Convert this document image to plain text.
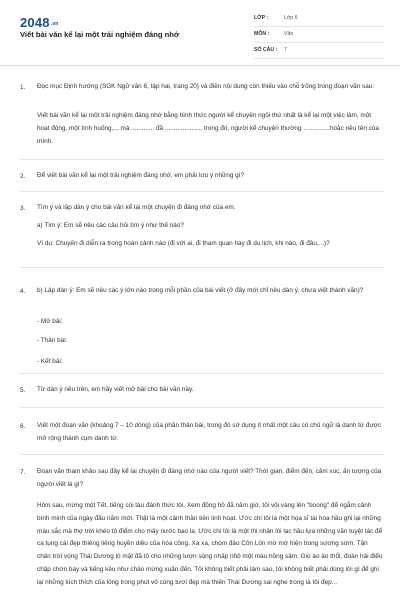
2048.vn
Viết bài văn kể lại một trải nghiệm đáng nhớ
LỚP :	Lớp 6
MÔN :	Văn
SỐ CÂU : 7
1. Đọc mục Định hướng (SGK Ngữ văn 6, tập hai, trang 20) và điền nội dung còn thiếu vào chỗ trống trong đoạn văn sau:

Viết bài văn kể lại một trải nghiệm đáng nhớ bằng hình thức người kể chuyện ngôi thứ nhất là kể lại một việc làm, một hoạt động, một tình huống,... mà ............. đã ...................., trong đó, người kể chuyện thường ...............hoặc nêu tên của mình.

2. Để viết bài văn kể lại một trải nghiệm đáng nhớ, em phải lưu ý những gì?

3. Tìm ý và lập dàn ý cho bài văn kể lại một chuyện đi đáng nhớ của em.

a) Tìm ý: Em sẽ nêu các câu hỏi tìm ý như thế nào?

Ví dụ: Chuyến đi diễn ra trong hoàn cảnh nào (đi với ai, đi tham quan hay đi du lịch, khi nào, đi đâu,...)?

4. b) Lập dàn ý: Em sẽ nêu các ý lớn nào trong mỗi phần của bài viết (ở đây mới chỉ nêu dàn ý, chưa viết thành văn)?

- Mở bài:

- Thân bài:

- Kết bài:

5. Từ dàn ý nêu trên, em hãy viết mở bài cho bài văn này.

6. Viết một đoạn văn (khoảng 7 – 10 dòng) của phần thân bài, trong đó sử dụng ít nhất một câu có chủ ngữ là danh từ được mở rộng thành cụm danh từ.

7. Đoạn văn tham khảo sau đây kể lại chuyện đi đáng nhớ nào của người viết? Thời gian, điểm đến, cảm xúc, ấn tượng của người viết là gì?

Hôm sau, mừng một Tết, tiếng còi tàu đánh thức tôi. Xem đồng hồ đã năm giờ, tôi vội vàng lên "boong" để ngắm cảnh bình minh của ngày đầu năm mới. Thật là một cảnh thần tiên linh hoạt. Ước chi tôi là một họa sĩ tài hoa hầu ghi lại những màu sắc mà thợ trời khéo tô điểm cho mây nước bao la. Ước chi tôi là một thi nhân lôi lạc hầu lựa những văn tuyệt tác để ca tụng cái đẹp thiêng liêng huyền diệu của hóa công. Xa xa, chòm đảo Côn Lôn mờ mờ hiện trong sương sớm. Tận chân trời vùng Thái Dương ló mặt đã tô cho những lượn sóng nhấp nhô một màu hồng sậm. Gió ào ào thổi, đoàn hải điểu chập chờn bay và tiếng kêu như chào mừng xuân đến. Tôi không biết phải làm sao, tôi không biết phải dùng lời gì để ghi lại những kích thích của lòng trong phút vô cùng tươi đẹp mà thiên Thái Dương sai nghe trong là tôi đẹp...
